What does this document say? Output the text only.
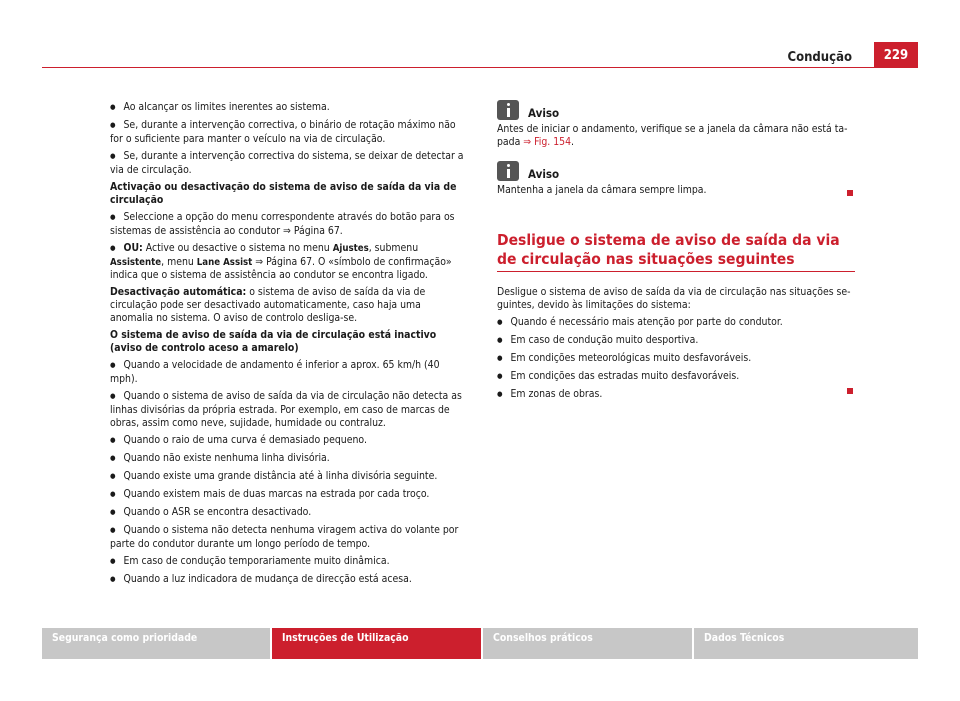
Condução	229

● Ao alcançar os limites inerentes ao sistema.

● Se, durante a intervenção correctiva, o binário de rotação máximo não for o suficiente para manter o veículo na via de circulação.

● Se, durante a intervenção correctiva do sistema, se deixar de detectar a via de circulação.

Activação ou desactivação do sistema de aviso de saída da via de circulação

● Seleccione a opção do menu correspondente através do botão para os sistemas de assistência ao condutor ⇒ Página 67.

● OU: Active ou desactive o sistema no menu Ajustes, submenu Assistente, menu Lane Assist ⇒ Página 67. O «símbolo de confirmação» indica que o sistema de assistência ao condutor se encontra ligado.

Desactivação automática: o sistema de aviso de saída da via de circulação pode ser desactivado automaticamente, caso haja uma anomalia no sistema. O aviso de controlo desliga-se.

O sistema de aviso de saída da via de circulação está inactivo (aviso de controlo aceso a amarelo)

● Quando a velocidade de andamento é inferior a aprox. 65 km/h (40 mph).

● Quando o sistema de aviso de saída da via de circulação não detecta as linhas divisórias da própria estrada. Por exemplo, em caso de marcas de obras, assim como neve, sujidade, humidade ou contraluz.

● Quando o raio de uma curva é demasiado pequeno.

● Quando não existe nenhuma linha divisória.

● Quando existe uma grande distância até à linha divisória seguinte.

● Quando existem mais de duas marcas na estrada por cada troço.

● Quando o ASR se encontra desactivado.

● Quando o sistema não detecta nenhuma viragem activa do volante por parte do condutor durante um longo período de tempo.

● Em caso de condução temporariamente muito dinâmica.

● Quando a luz indicadora de mudança de direcção está acesa.

Aviso

Antes de iniciar o andamento, verifique se a janela da câmara não está tapada ⇒ Fig. 154.

Aviso

Mantenha a janela da câmara sempre limpa.

Desligue o sistema de aviso de saída da via de circulação nas situações seguintes

Desligue o sistema de aviso de saída da via de circulação nas situações seguintes, devido às limitações do sistema:

● Quando é necessário mais atenção por parte do condutor.

● Em caso de condução muito desportiva.

● Em condições meteorológicas muito desfavoráveis.

● Em condições das estradas muito desfavoráveis.

● Em zonas de obras.

Segurança como prioridade	Instruções de Utilização	Conselhos práticos	Dados Técnicos
